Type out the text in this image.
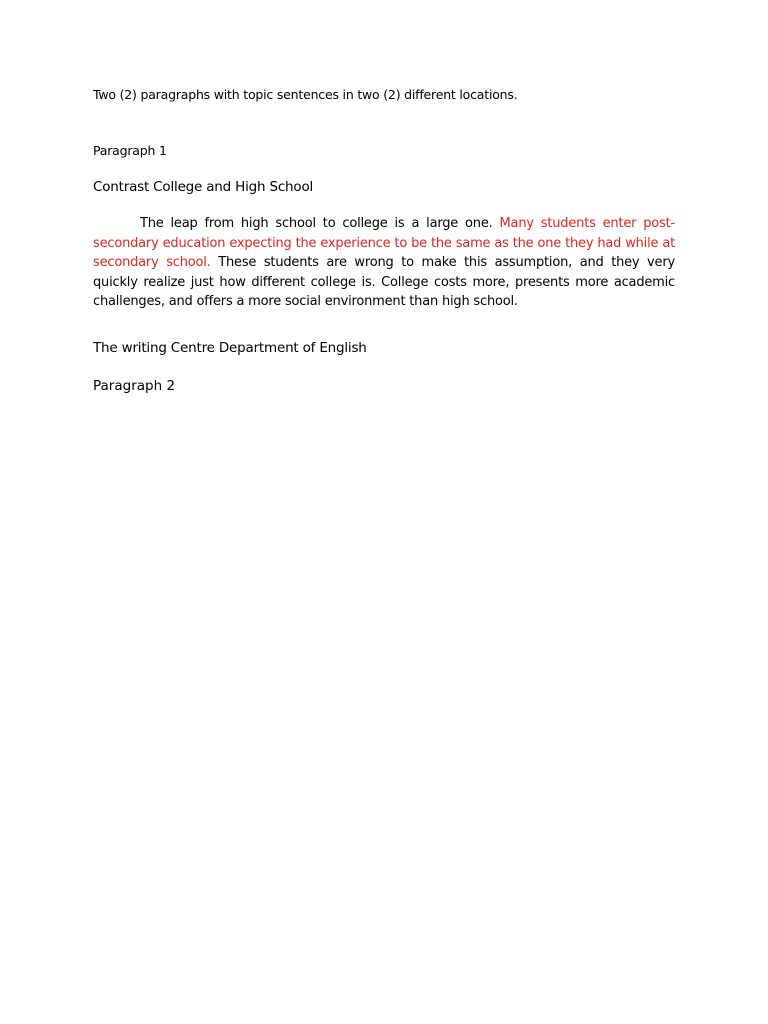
Two (2) paragraphs with topic sentences in two (2) different locations.

Paragraph 1

Contrast College and High School

The leap from high school to college is a large one. Many students enter post-secondary education expecting the experience to be the same as the one they had while at secondary school. These students are wrong to make this assumption, and they very quickly realize just how different college is. College costs more, presents more academic challenges, and offers a more social environment than high school.

The writing Centre Department of English

Paragraph 2
